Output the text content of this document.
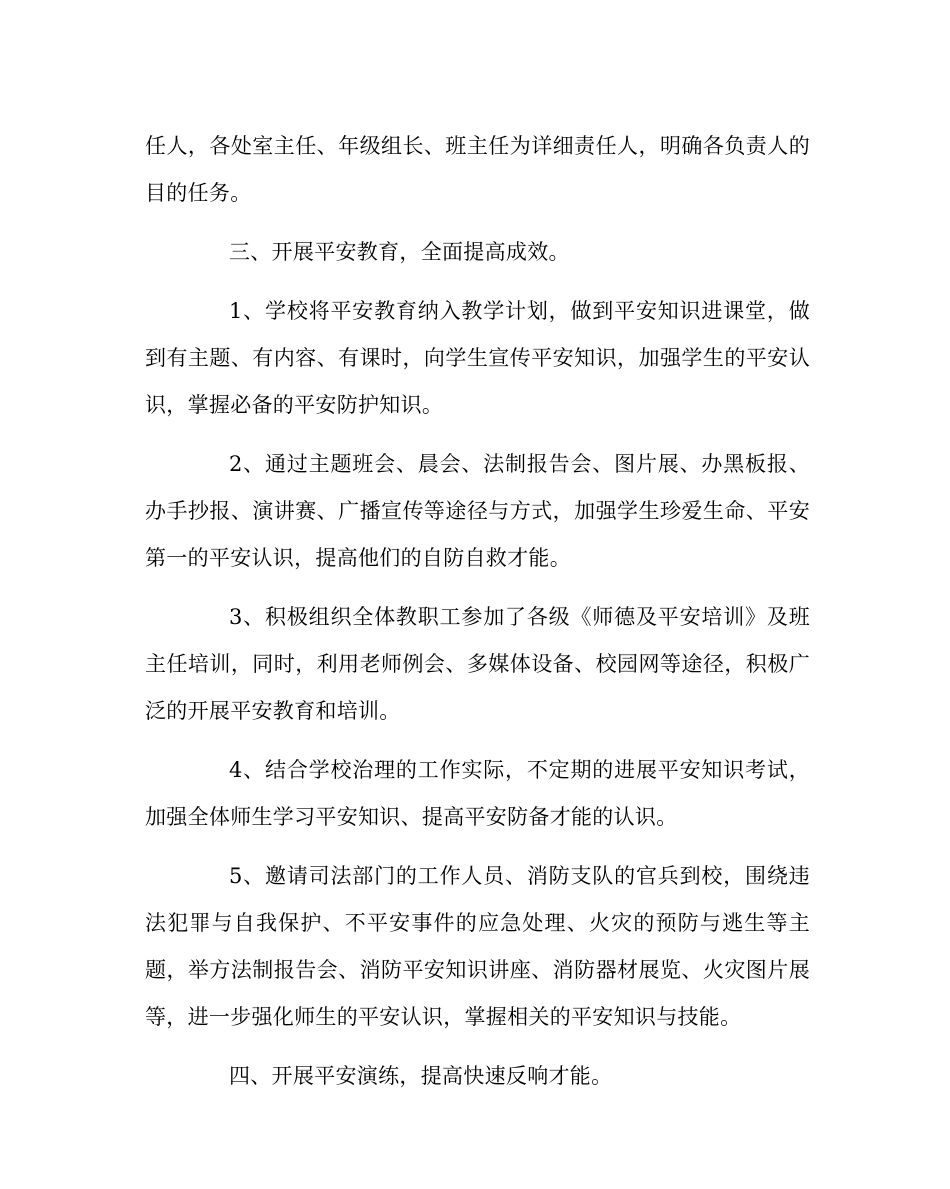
任人，各处室主任、年级组长、班主任为详细责任人，明确各负责人的目的任务。

三、开展平安教育，全面提高成效。

1、学校将平安教育纳入教学计划，做到平安知识进课堂，做到有主题、有内容、有课时，向学生宣传平安知识，加强学生的平安认识，掌握必备的平安防护知识。

2、通过主题班会、晨会、法制报告会、图片展、办黑板报、办手抄报、演讲赛、广播宣传等途径与方式，加强学生珍爱生命、平安第一的平安认识，提高他们的自防自救才能。

3、积极组织全体教职工参加了各级《师德及平安培训》及班主任培训，同时，利用老师例会、多媒体设备、校园网等途径，积极广泛的开展平安教育和培训。

4、结合学校治理的工作实际，不定期的进展平安知识考试，加强全体师生学习平安知识、提高平安防备才能的认识。

5、邀请司法部门的工作人员、消防支队的官兵到校，围绕违法犯罪与自我保护、不平安事件的应急处理、火灾的预防与逃生等主题，举方法制报告会、消防平安知识讲座、消防器材展览、火灾图片展等，进一步强化师生的平安认识，掌握相关的平安知识与技能。

四、开展平安演练，提高快速反响才能。
